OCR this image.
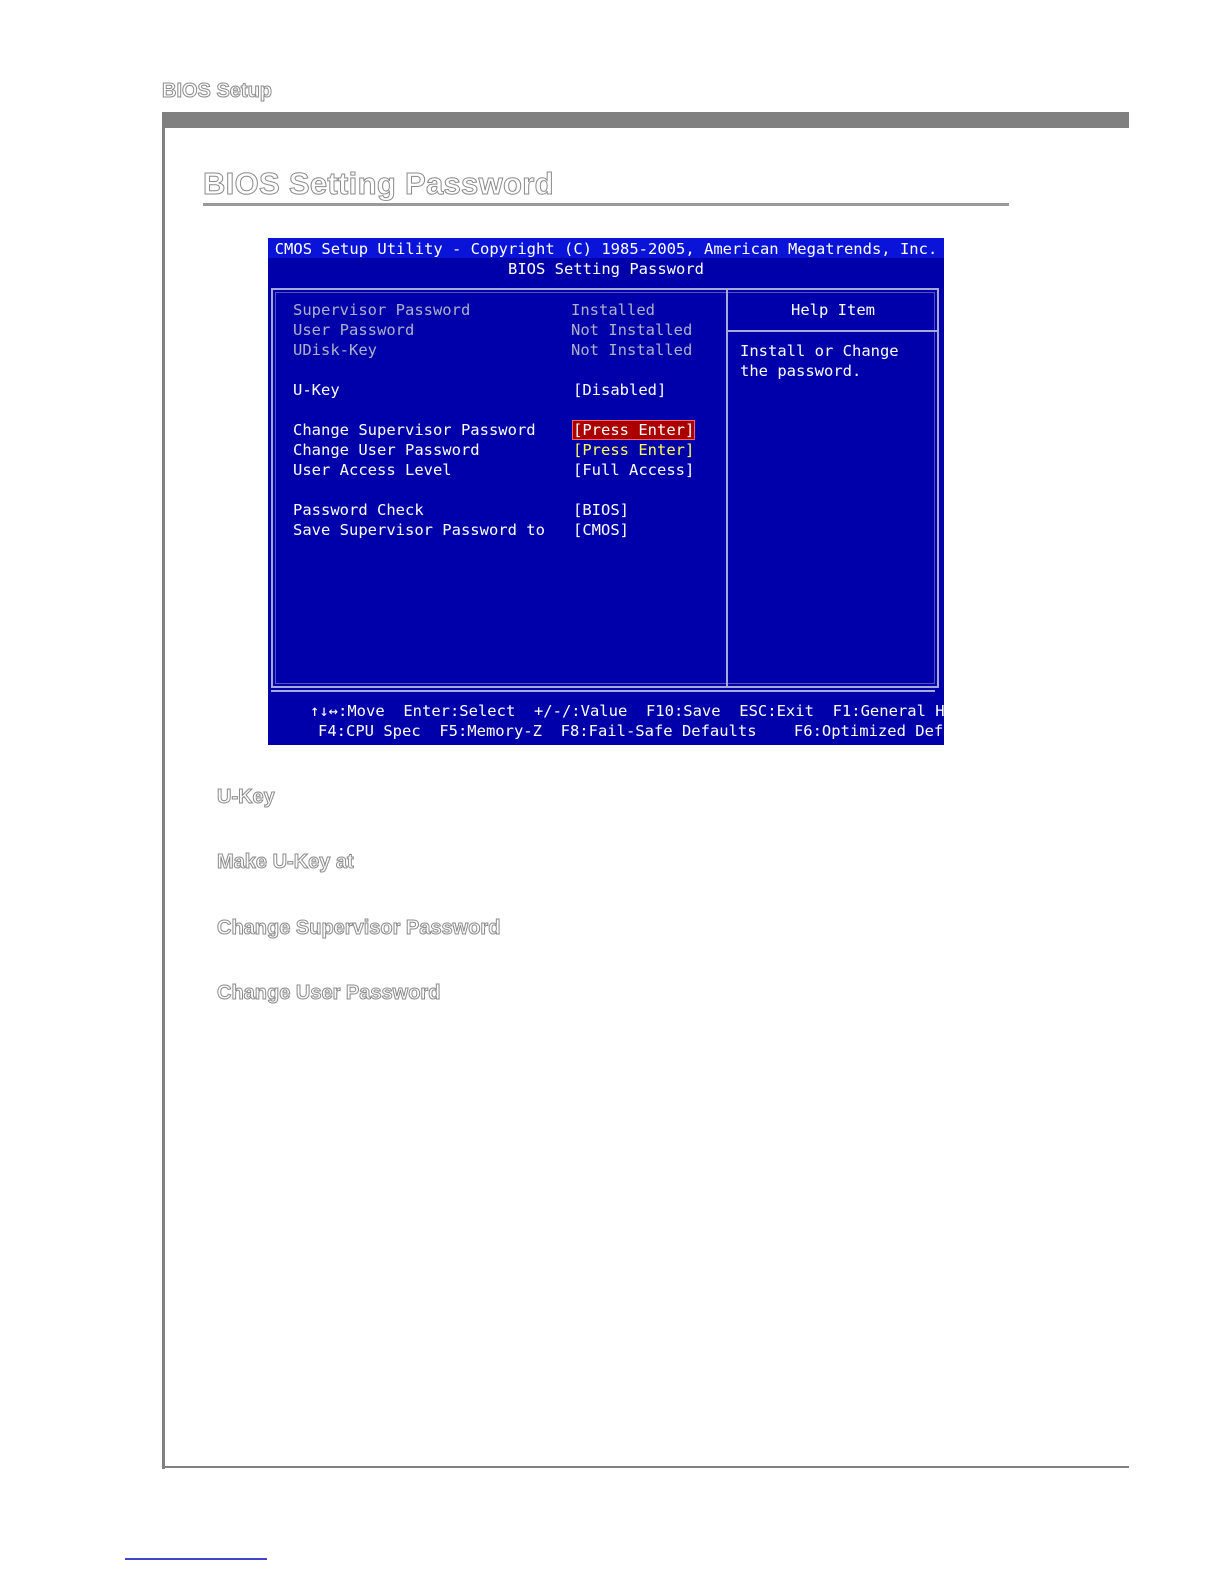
BIOS Setup
BIOS Setting Password
CMOS Setup Utility - Copyright (C) 1985-2005, American Megatrends, Inc.
BIOS Setting Password
Supervisor Password	Installed
User Password	Not Installed
UDisk-Key	Not Installed
U-Key	[Disabled]
Change Supervisor Password [Press Enter]
Change User Password	[Press Enter]
User Access Level	[Full Access]
Password Check	[BIOS]
Save Supervisor Password to [CMOS]
Help Item
Install or Change the password.
↑↓↔:Move  Enter:Select  +/-/:Value  F10:Save  ESC:Exit  F1:General Help
F4:CPU Spec  F5:Memory-Z  F8:Fail-Safe Defaults    F6:Optimized Defaults
U-Key
Make U-Key at
Change Supervisor Password
Change User Password
